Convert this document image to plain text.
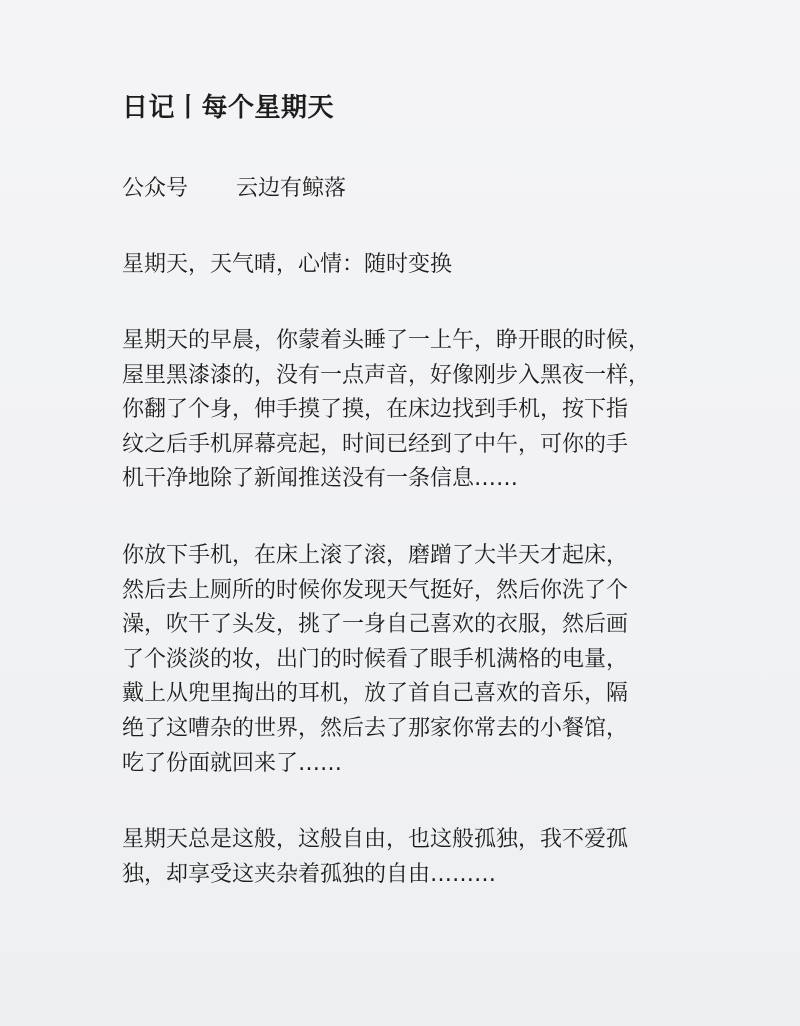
日记丨每个星期天
公众号 云边有鲸落
星期天，天气晴，心情：随时变换

星期天的早晨，你蒙着头睡了一上午，睁开眼的时候，
屋里黑漆漆的，没有一点声音，好像刚步入黑夜一样，
你翻了个身，伸手摸了摸，在床边找到手机，按下指
纹之后手机屏幕亮起，时间已经到了中午，可你的手
机干净地除了新闻推送没有一条信息……

你放下手机，在床上滚了滚，磨蹭了大半天才起床，
然后去上厕所的时候你发现天气挺好，然后你洗了个
澡，吹干了头发，挑了一身自己喜欢的衣服，然后画
了个淡淡的妆，出门的时候看了眼手机满格的电量，
戴上从兜里掏出的耳机，放了首自己喜欢的音乐，隔
绝了这嘈杂的世界，然后去了那家你常去的小餐馆，
吃了份面就回来了……

星期天总是这般，这般自由，也这般孤独，我不爱孤
独，却享受这夹杂着孤独的自由………
